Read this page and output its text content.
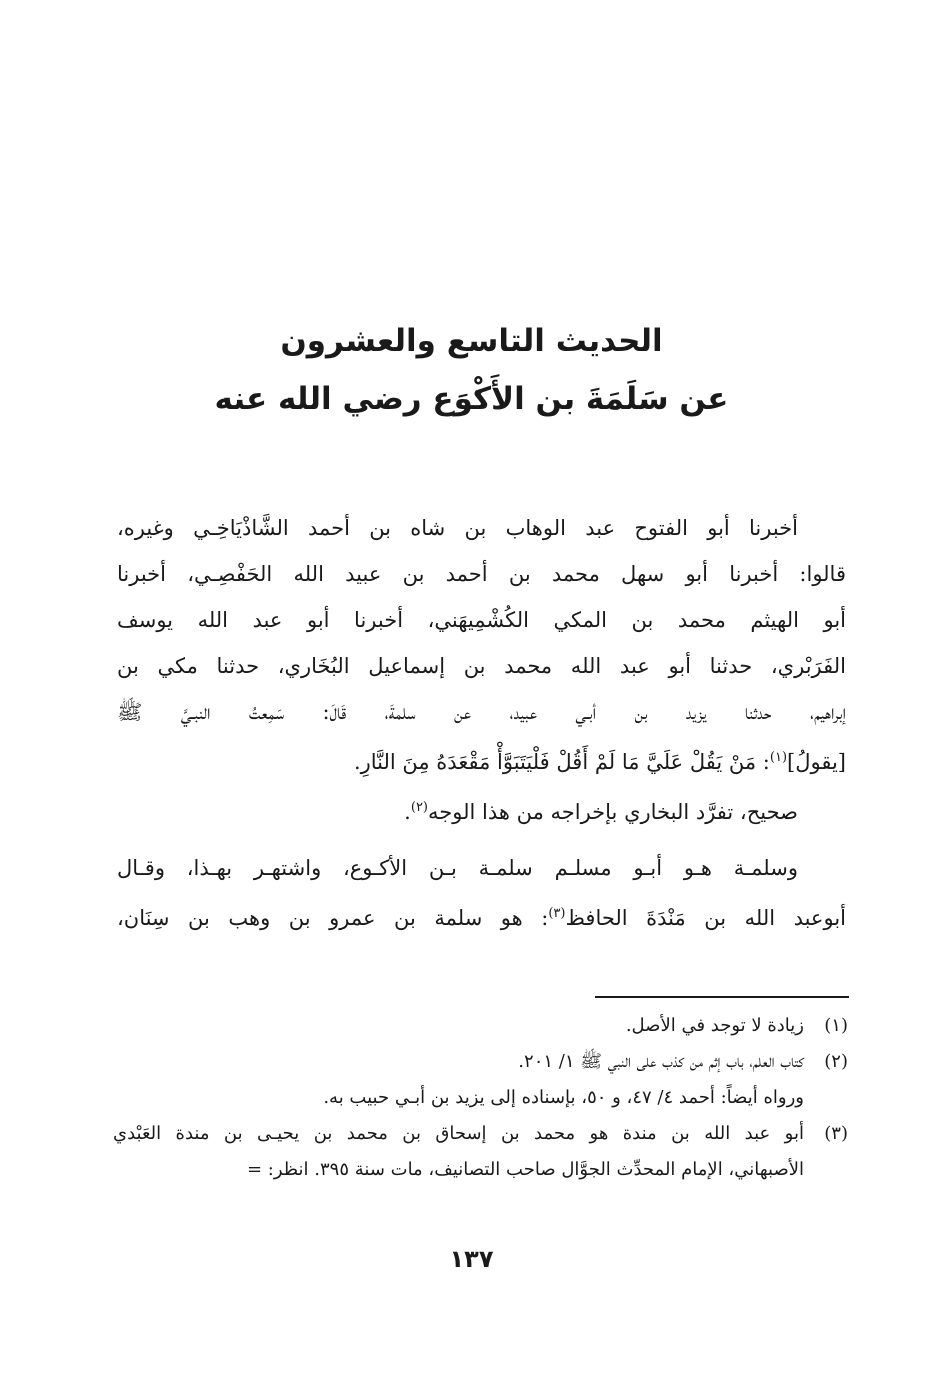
الحديث التاسع والعشرون
عن سَلَمَةَ بن الأَكْوَع رضي الله عنه

أخبرنا أبو الفتوح عبد الوهاب بن شاه بن أحمد الشَّاذْيَاخِـي وغيره،
قالوا: أخبرنا أبو سهل محمد بن أحمد بن عبيد الله الحَفْصِـي، أخبرنا
أبو الهيثم محمد بن المكي الكُشْمِيهَني، أخبرنا أبو عبد الله يوسف
الفَرَبْري، حدثنا أبو عبد الله محمد بن إسماعيل البُخَاري، حدثنا مكي بن
إبراهيم، حدثنا يزيد بن أبـي عبيد، عن سلمةَ، قَالَ: سَمِعتُ النبـيَّ ﷺ
[يقولُ]$^{(١)}$: مَنْ يَقُلْ عَلَيَّ مَا لَمْ أَقُلْ فَلْيَتَبَوَّأْ مَقْعَدَهُ مِنَ النَّارِ.

صحيح، تفرَّد البخاري بإخراجه من هذا الوجه$^{(٢)}$.

وسلمـة هـو أبـو مسلـم سلمـة بـن الأكـوع، واشتهـر بهـذا، وقـال
أبوعبد الله بن مَنْدَةَ الحافظ$^{(٣)}$: هو سلمة بن عمرو بن وهب بن سِنَان،

(١)
زيادة لا توجد في الأصل.
(٢)
كتاب العلم، باب إثم من كذب على النبي ﷺ ١/ ٢٠١.
ورواه أيضاً: أحمد ٤/ ٤٧، و ٥٠، بإسناده إلى يزيد بن أبـي حبيب به.
(٣)
أبو عبد الله بن مندة هو محمد بن إسحاق بن محمد بن يحيـى بن مندة العَبْدي
الأصبهاني، الإمام المحدِّث الجوَّال صاحب التصانيف، مات سنة ٣٩٥. انظر: =
١٣٧
